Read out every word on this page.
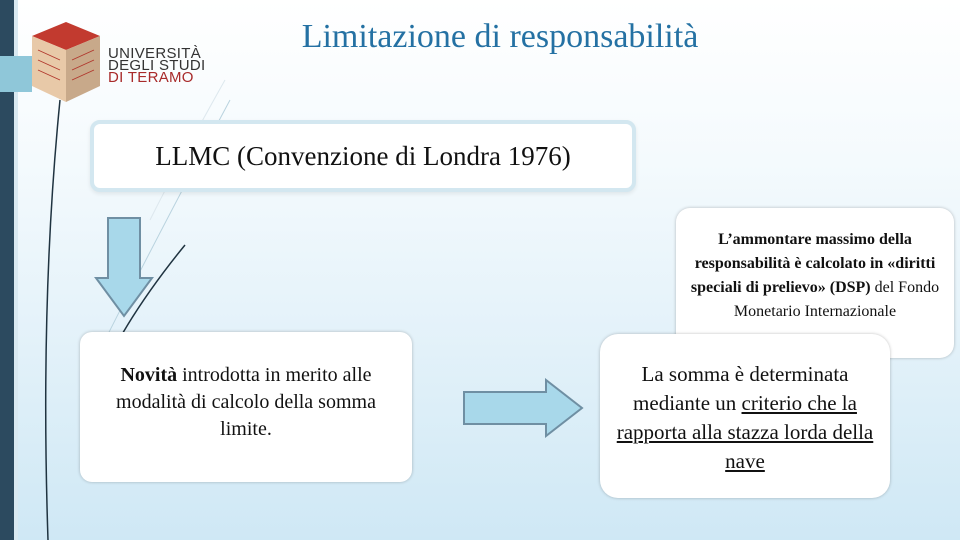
UNIVERSITÀ
DEGLI STUDI
DI TERAMO
Limitazione di responsabilità
LLMC (Convenzione di Londra 1976)
L’ammontare massimo della responsabilità è calcolato in «diritti speciali di prelievo» (DSP) del Fondo Monetario Internazionale
Novità introdotta in merito alle modalità di calcolo della somma limite.
La somma è determinata mediante un criterio che la rapporta alla stazza lorda della nave
